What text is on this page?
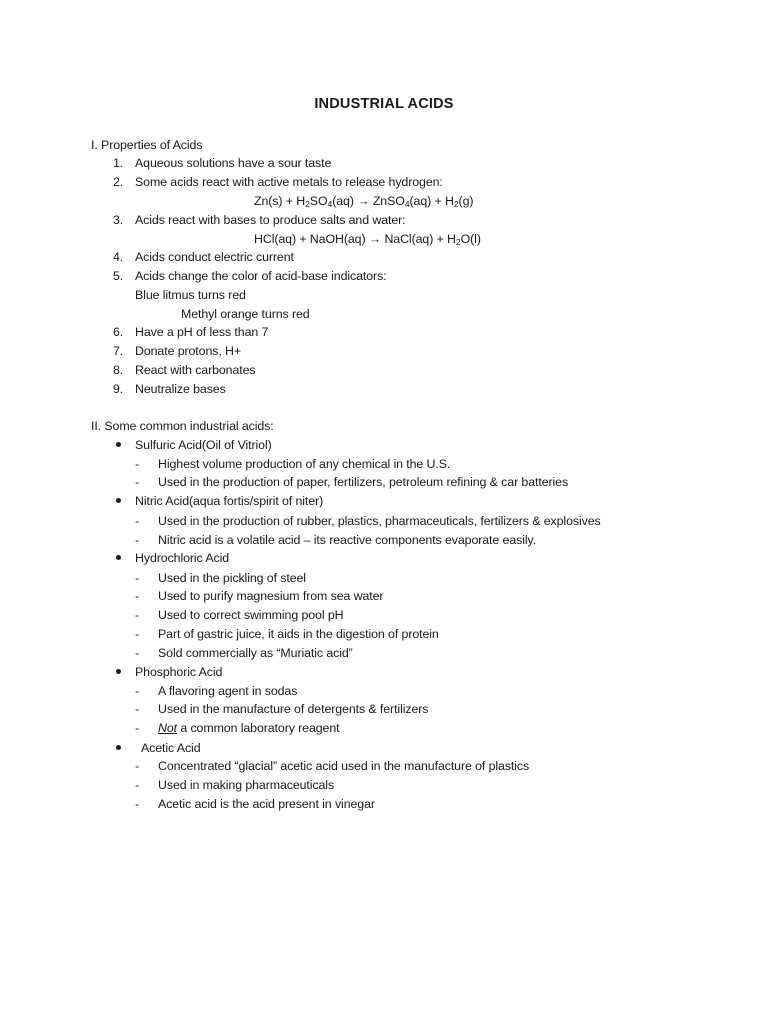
INDUSTRIAL ACIDS
I. Properties of Acids
1. Aqueous solutions have a sour taste
2. Some acids react with active metals to release hydrogen:
$Zn(s) + H_2SO_4(aq)$ → ZnSO$_4$(aq) + $H_2(g)$
3. Acids react with bases to produce salts and water:
HCl(aq) + NaOH(aq) → NaCl(aq) + $H_2O(l)$
4. Acids conduct electric current
5. Acids change the color of acid-base indicators:
Blue litmus turns red
Methyl orange turns red
6. Have a pH of less than 7
7. Donate protons, H+
8. React with carbonates
9. Neutralize bases
II. Some common industrial acids:
Sulfuric Acid(Oil of Vitriol)
- Highest volume production of any chemical in the U.S.
- Used in the production of paper, fertilizers, petroleum refining & car batteries
Nitric Acid(aqua fortis/spirit of niter)
- Used in the production of rubber, plastics, pharmaceuticals, fertilizers & explosives
- Nitric acid is a volatile acid – its reactive components evaporate easily.
Hydrochloric Acid
- Used in the pickling of steel
- Used to purify magnesium from sea water
- Used to correct swimming pool pH
- Part of gastric juice, it aids in the digestion of protein
- Sold commercially as “Muriatic acid”
Phosphoric Acid
- A flavoring agent in sodas
- Used in the manufacture of detergents & fertilizers
- Not a common laboratory reagent
Acetic Acid
- Concentrated “glacial” acetic acid used in the manufacture of plastics
- Used in making pharmaceuticals
- Acetic acid is the acid present in vinegar
